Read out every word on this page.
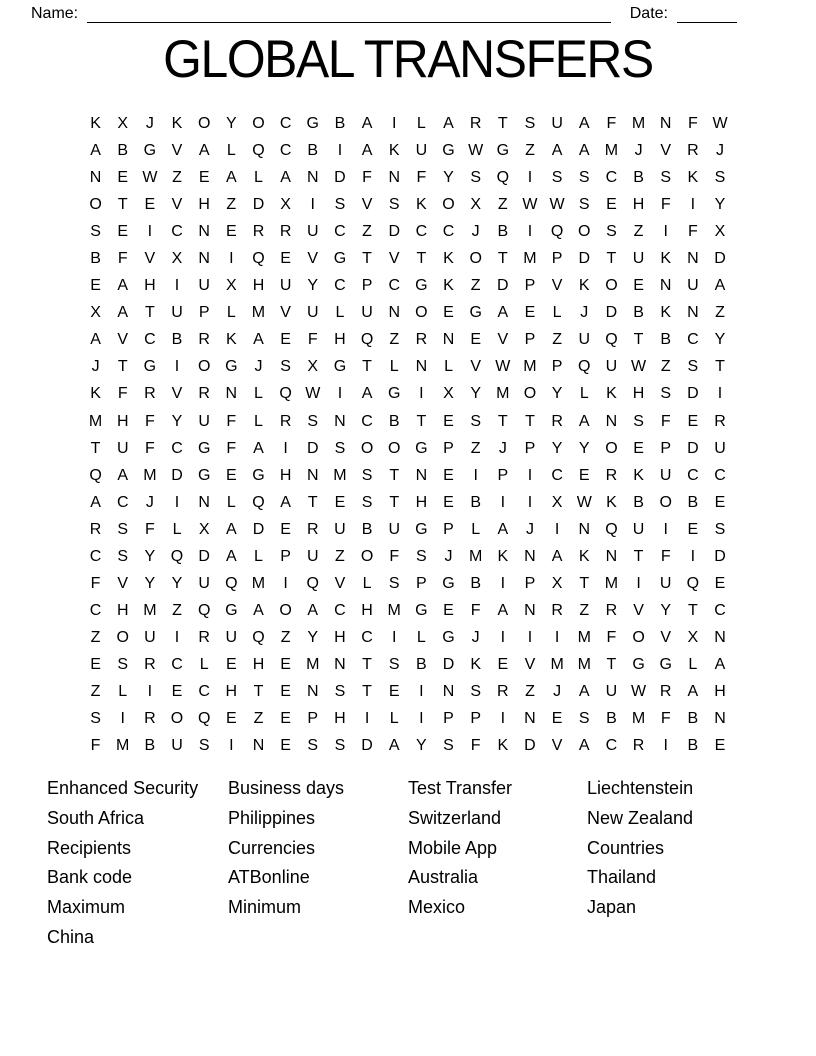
Name:	Date:
GLOBAL TRANSFERS
K	X	J	K O Y O C G B	A	I	L	A	R	T	S	U	A	F M N	F W
A	B G V	A	L	Q C	B	I	A	K	U G W G	Z	A	A M	J	V	R	J
N	E W Z	E	A	L	A	N D	F	N	F	Y	S Q	I	S	S	C	B	S	K	S
O	T	E	V	H	Z	D	X	I	S	V	S	K O X	Z W W S	E	H	F	I	Y
S	E	I	C N	E	R R U C	Z	D C C	J	B	I	Q O S	Z	I	F	X
B	F	V	X	N	I	Q E	V G	T	V	T	K O	T M P	D	T	U	K	N D
E	A	H	I	U	X	H U	Y	C	P	C G K	Z	D	P	V	K O E	N U	A
X	A	T	U	P	L	M V	U	L	U N O E G A	E	L	J	D	B	K	N	Z
A	V	C	B	R	K	A	E	F	H Q	Z	R N	E	V	P	Z	U Q	T	B	C	Y
J	T	G	I	O G	J	S	X G	T	L	N	L	V W M P Q U W Z	S	T
K	F	R	V	R N	L	Q W	I	A G	I	X	Y M O Y	L	K	H	S	D	I
M H	F	Y	U	F	L	R	S	N C	B	T	E	S	T	T	R	A	N	S	F	E	R
T	U	F	C G	F	A	I	D	S O O G P	Z	J	P	Y	Y O E	P	D U
Q A M D G E G H N M S	T	N	E	I	P	I	C	E	R	K	U C C
A	C	J	I	N	L	Q A	T	E	S	T	H	E	B	I	I	X W K	B O B	E
R	S	F	L	X	A	D	E	R U	B	U G P	L	A	J	I	N Q U	I	E	S
C	S	Y Q D	A	L	P	U	Z	O	F	S	J	M K	N	A	K	N	T	F	I	D
F	V	Y	Y	U Q M	I	Q V	L	S	P G B	I	P	X	T M	I	U Q E
C H M Z	Q G A O A	C H M G E	F	A	N R	Z	R	V	Y	T	C
Z	O U	I	R U Q	Z	Y	H C	I	L	G	J	I	I	I	M F	O V	X	N
E	S	R C	L	E	H	E M N	T	S	B	D	K	E	V M M T	G G	L	A
Z	L	I	E	C H	T	E	N	S	T	E	I	N	S	R	Z	J	A	U W R	A	H
S	I	R O Q E	Z	E	P	H	I	L	I	P	P	I	N	E	S	B M F	B	N
F M B	U	S	I	N	E	S	S	D	A	Y	S	F	K	D	V	A	C R	I	B	E
Enhanced Security
South Africa
Recipients
Bank code
Maximum
China
Business days
Philippines
Currencies
ATBonline
Minimum
Test Transfer
Switzerland
Mobile App
Australia
Mexico
Liechtenstein
New Zealand
Countries
Thailand
Japan
